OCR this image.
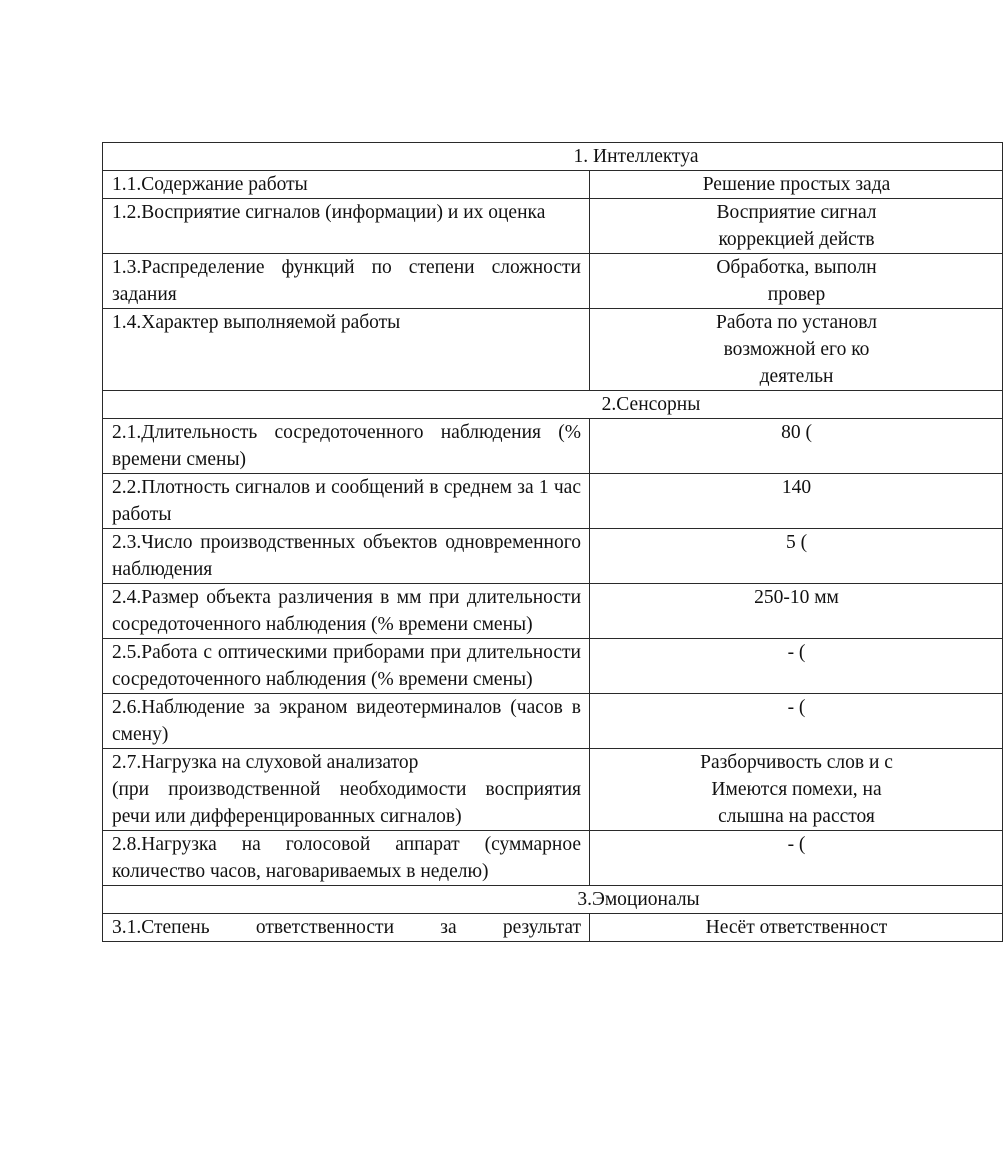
1. Интеллектуа	
1.1.Содержание работы	Решение простых зада

1.2.Восприятие сигналов (информации) и их оценка	Восприятие сигнал
коррекцией действ

1.3.Распределение функций по степени сложности задания	Обработка, выполн
провер

1.4.Характер выполняемой работы	Работа по установл
возможной его ко
деятельн

2.Сенсорны	
2.1.Длительность сосредоточенного наблюдения (% времени смены)	80 (

2.2.Плотность сигналов и сообщений в среднем за 1 час работы	140

2.3.Число производственных объектов одновременного наблюдения	5 (

2.4.Размер объекта различения в мм при длительности сосредоточенного наблюдения (% времени смены)	250-10 мм

2.5.Работа с оптическими приборами при длительности сосредоточенного наблюдения (% времени смены)	- (

2.6.Наблюдение за экраном видеотерминалов (часов в смену)	- (

2.7.Нагрузка на слуховой анализатор
(при производственной необходимости восприятия речи или дифференцированных сигналов)	Разборчивость слов и с
Имеются помехи, на
слышна на расстоя

2.8.Нагрузка на голосовой аппарат (суммарное количество часов, наговариваемых в неделю)	- (

3.Эмоционалы	
3.1.Степень ответственности за результат	Несёт ответственност
